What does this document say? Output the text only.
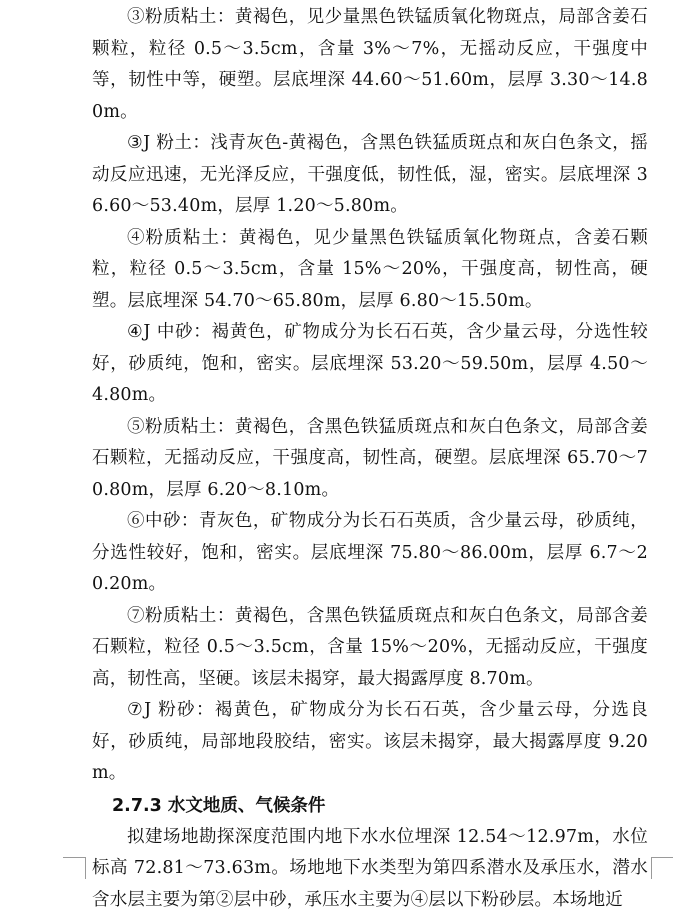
③粉质粘土：黄褐色，见少量黑色铁锰质氧化物斑点，局部含姜石颗粒，粒径 0.5～3.5cm，含量 3%～7%，无摇动反应，干强度中等，韧性中等，硬塑。层底埋深 44.60～51.60m，层厚 3.30～14.80m。

③J 粉土：浅青灰色-黄褐色，含黑色铁猛质斑点和灰白色条文，摇动反应迅速，无光泽反应，干强度低，韧性低，湿，密实。层底埋深 36.60～53.40m，层厚 1.20～5.80m。

④粉质粘土：黄褐色，见少量黑色铁锰质氧化物斑点，含姜石颗粒，粒径 0.5～3.5cm，含量 15%～20%，干强度高，韧性高，硬塑。层底埋深 54.70～65.80m，层厚 6.80～15.50m。

④J 中砂：褐黄色，矿物成分为长石石英，含少量云母，分选性较好，砂质纯，饱和，密实。层底埋深 53.20～59.50m，层厚 4.50～4.80m。

⑤粉质粘土：黄褐色，含黑色铁猛质斑点和灰白色条文，局部含姜石颗粒，无摇动反应，干强度高，韧性高，硬塑。层底埋深 65.70～70.80m，层厚 6.20～8.10m。

⑥中砂：青灰色，矿物成分为长石石英质，含少量云母，砂质纯，分选性较好，饱和，密实。层底埋深 75.80～86.00m，层厚 6.7～20.20m。

⑦粉质粘土：黄褐色，含黑色铁猛质斑点和灰白色条文，局部含姜石颗粒，粒径 0.5～3.5cm，含量 15%～20%，无摇动反应，干强度高，韧性高，坚硬。该层未揭穿，最大揭露厚度 8.70m。

⑦J 粉砂：褐黄色，矿物成分为长石石英，含少量云母，分选良好，砂质纯，局部地段胶结，密实。该层未揭穿，最大揭露厚度 9.20m。

2.7.3 水文地质、气候条件

拟建场地勘探深度范围内地下水水位埋深 12.54～12.97m，水位标高 72.81～73.63m。场地地下水类型为第四系潜水及承压水，潜水含水层主要为第②层中砂，承压水主要为④层以下粉砂层。本场地近
